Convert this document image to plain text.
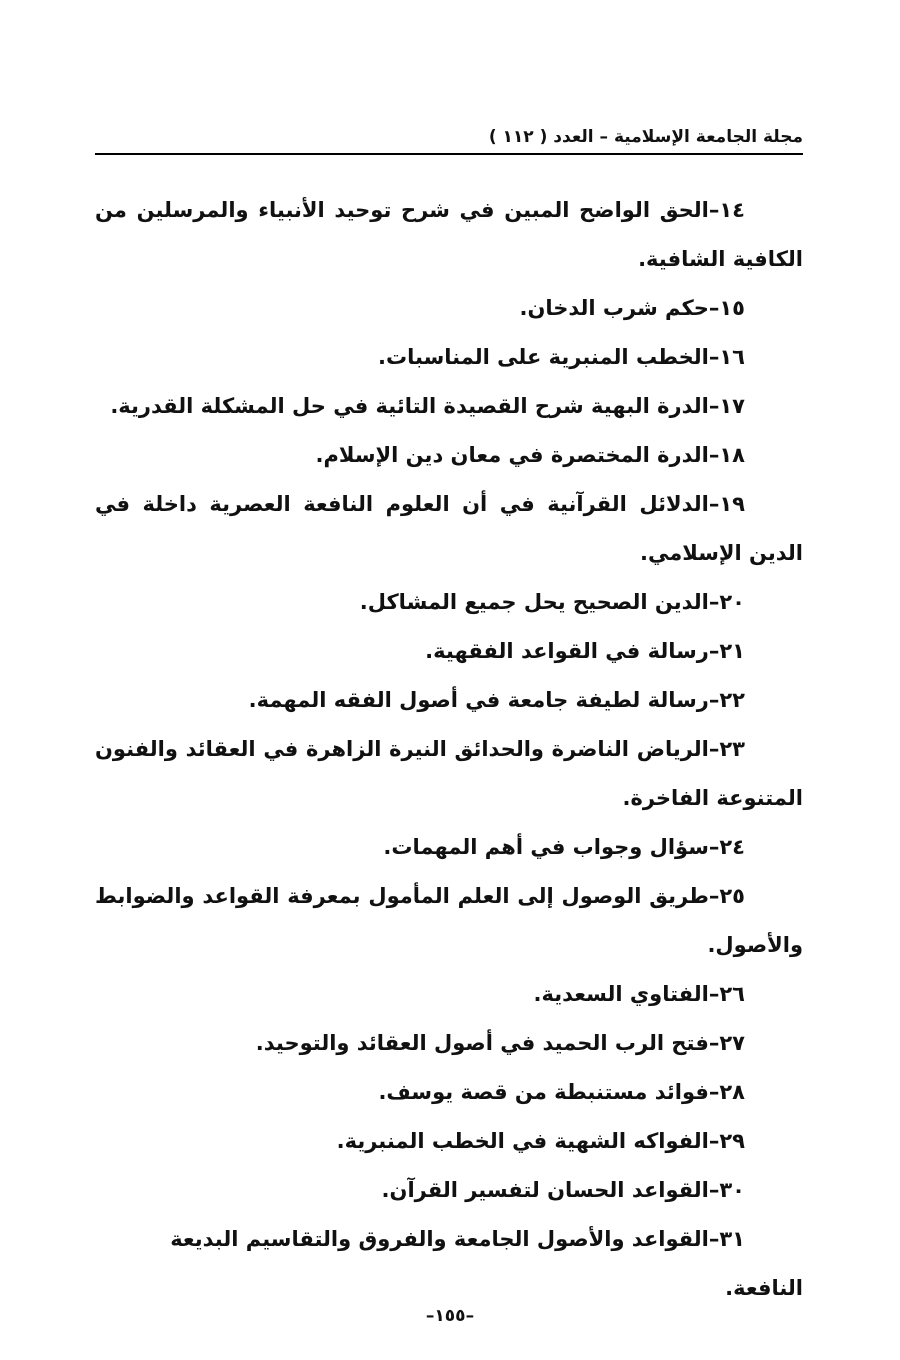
مجلة الجامعة الإسلامية – العدد ( ١١٢ )

١٤–الحق الواضح المبين في شرح توحيد الأنبياء والمرسلين من الكافية الشافية.

١٥–حكم شرب الدخان.

١٦–الخطب المنبرية على المناسبات.

١٧–الدرة البهية شرح القصيدة التائية في حل المشكلة القدرية.

١٨–الدرة المختصرة في معان دين الإسلام.

١٩–الدلائل القرآنية في أن العلوم النافعة العصرية داخلة في الدين الإسلامي.

٢٠–الدين الصحيح يحل جميع المشاكل.

٢١–رسالة في القواعد الفقهية.

٢٢–رسالة لطيفة جامعة في أصول الفقه المهمة.

٢٣–الرياض الناضرة والحدائق النيرة الزاهرة في العقائد والفنون المتنوعة الفاخرة.

٢٤–سؤال وجواب في أهم المهمات.

٢٥–طريق الوصول إلى العلم المأمول بمعرفة القواعد والضوابط والأصول.

٢٦–الفتاوي السعدية.

٢٧–فتح الرب الحميد في أصول العقائد والتوحيد.

٢٨–فوائد مستنبطة من قصة يوسف.

٢٩–الفواكه الشهية في الخطب المنبرية.

٣٠–القواعد الحسان لتفسير القرآن.

٣١–القواعد والأصول الجامعة والفروق والتقاسيم البديعة النافعة.

–١٥٥–
